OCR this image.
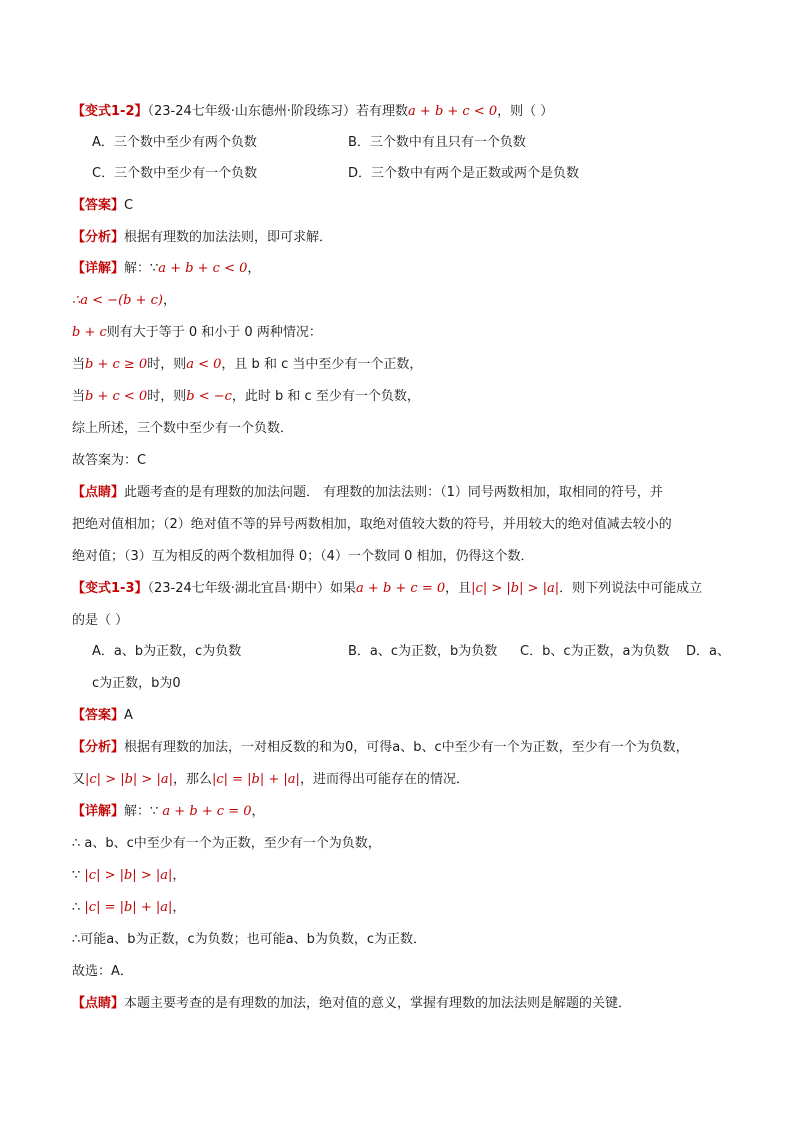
【变式1-2】（23-24七年级·山东德州·阶段练习）若有理数a + b + c < 0，则（ ）
A．三个数中至少有两个负数	B．三个数中有且只有一个负数
C．三个数中至少有一个负数	D．三个数中有两个是正数或两个是负数
【答案】C
【分析】根据有理数的加法法则，即可求解．
【详解】解：∵a + b + c < 0，
∴a < −(b + c)，
b + c则有大于等于 0 和小于 0 两种情况：
当b + c ≥ 0时，则a < 0，且 b 和 c 当中至少有一个正数，
当b + c < 0时，则b < −c，此时 b 和 c 至少有一个负数，
综上所述，三个数中至少有一个负数．
故答案为：C
【点睛】此题考查的是有理数的加法问题． 有理数的加法法则：（1）同号两数相加，取相同的符号，并
把绝对值相加；（2）绝对值不等的异号两数相加，取绝对值较大数的符号，并用较大的绝对值减去较小的
绝对值；（3）互为相反的两个数相加得 0；（4）一个数同 0 相加，仍得这个数．
【变式1-3】（23-24七年级·湖北宜昌·期中）如果a + b + c = 0，且|c| > |b| > |a|．则下列说法中可能成立
的是（ ）
A．a、b为正数，c为负数	B．a、c为正数，b为负数 C．b、c为正数，a为负数 D．a、
c为正数，b为0
【答案】A
【分析】根据有理数的加法，一对相反数的和为0，可得a、b、c中至少有一个为正数，至少有一个为负数，
又|c| > |b| > |a|，那么|c| = |b| + |a|，进而得出可能存在的情况．
【详解】解：∵ a + b + c = 0，
∴ a、b、c中至少有一个为正数，至少有一个为负数，
∵ |c| > |b| > |a|，
∴ |c| = |b| + |a|，
∴可能a、b为正数，c为负数；也可能a、b为负数，c为正数．
故选：A．
【点睛】本题主要考查的是有理数的加法，绝对值的意义，掌握有理数的加法法则是解题的关键．
